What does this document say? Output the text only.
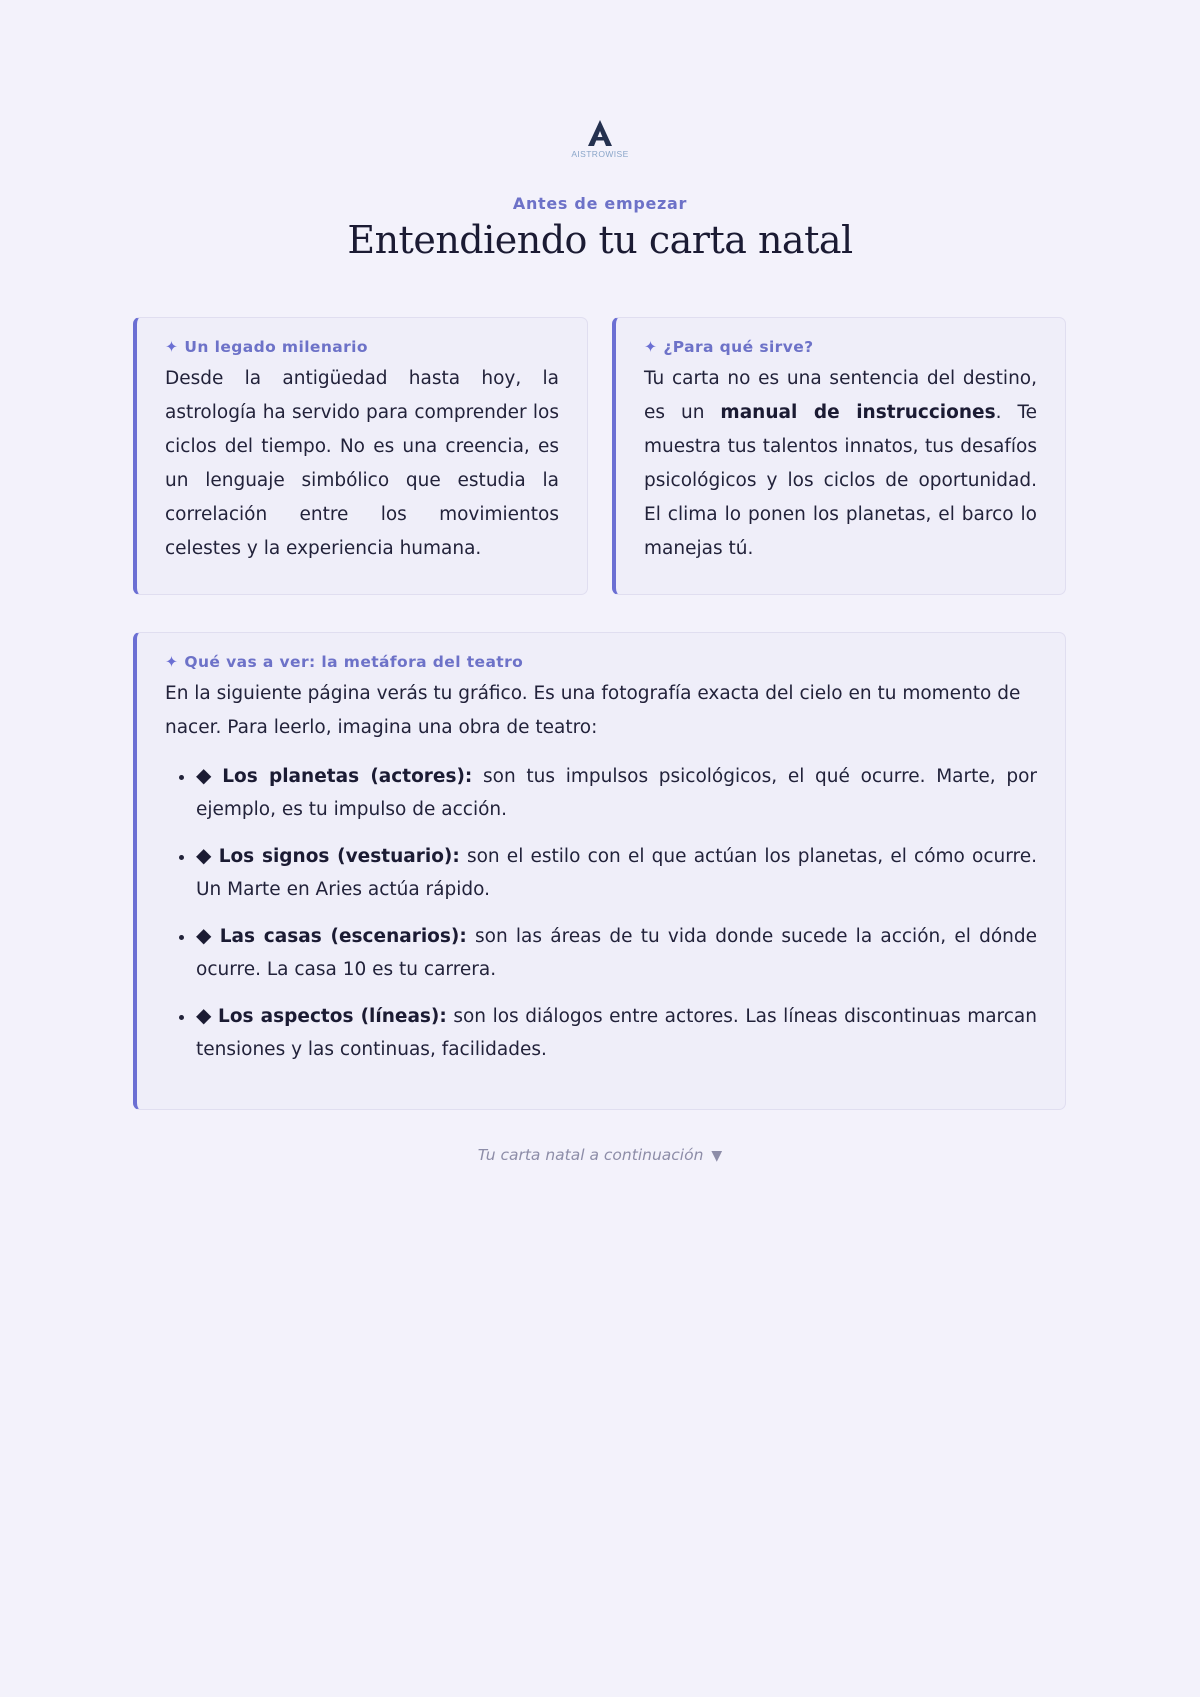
AISTROWISE
Antes de empezar
Entendiendo tu carta natal
✦ Un legado milenario

Desde la antigüedad hasta hoy, la astrología ha servido para comprender los ciclos del tiempo. No es una creencia, es un lenguaje simbólico que estudia la correlación entre los movimientos celestes y la experiencia humana.

✦ ¿Para qué sirve?

Tu carta no es una sentencia del destino, es un manual de instrucciones. Te muestra tus talentos innatos, tus desafíos psicológicos y los ciclos de oportunidad. El clima lo ponen los planetas, el barco lo manejas tú.

✦ Qué vas a ver: la metáfora del teatro

En la siguiente página verás tu gráfico. Es una fotografía exacta del cielo en tu momento de nacer. Para leerlo, imagina una obra de teatro:

• ◆ Los planetas (actores): son tus impulsos psicológicos, el qué ocurre. Marte, por ejemplo, es tu impulso de acción.
• ◆ Los signos (vestuario): son el estilo con el que actúan los planetas, el cómo ocurre. Un Marte en Aries actúa rápido.
• ◆ Las casas (escenarios): son las áreas de tu vida donde sucede la acción, el dónde ocurre. La casa 10 es tu carrera.
• ◆ Los aspectos (líneas): son los diálogos entre actores. Las líneas discontinuas marcan tensiones y las continuas, facilidades.
Tu carta natal a continuación ▼
